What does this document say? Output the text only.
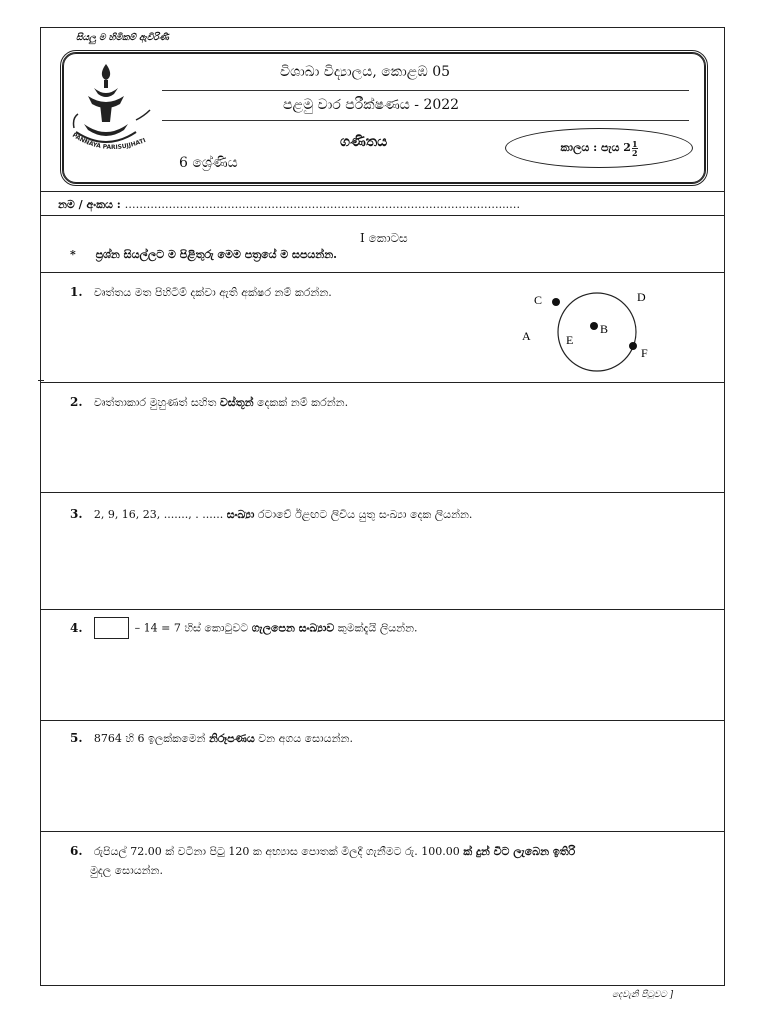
සියලු ම හිමිකම් ඇවිරිණි
PAÑÑAYA PARISUJJHATI
විශාඛා විද්‍යාලය, කොළඹ 05
පළමු වාර පරීක්ෂණය - 2022
ගණිතය
6 ශ්‍රේණිය
කාලය : පැය $2 \frac{1}{2}$
නම / අංකය : …………………………………………………………………………………………...…
I කොටස
* ප්‍රශ්න සියල්ලට ම පිළිතුරු මෙම පත්‍රයේ ම සපයන්න.
1. වෘත්තය මත පිහිටීම් දක්වා ඇති අක්ෂර නම් කරන්න.
C	D
A	E
B
F
2. වෘත්තාකාර මුහුණත් සහිත වස්තූන් දෙකක් නම් කරන්න.
3. 2, 9, 16, 23, ......., . ...... සංඛ්‍යා රටාවේ ඊළඟට ලිවිය යුතු සංඛ්‍යා දෙක ලියන්න.
4.	– 14 = 7 හිස් කොටුවට ගැලපෙන සංඛ්‍යාව කුමක්දැයි ලියන්න.
5. 8764 හි 6 ඉලක්කමෙන් නිරූපණය වන අගය සොයන්න.
6. රුපියල් 72.00 ක් වටිනා පිටු 120 ක අභ්‍යාස පොතක් මිලදී ගැනීමට රු. 100.00 ක් දුන් විට ලැබෙන ඉතිරි
මුදල සොයන්න.
දෙවැනි පිටුවට ]
